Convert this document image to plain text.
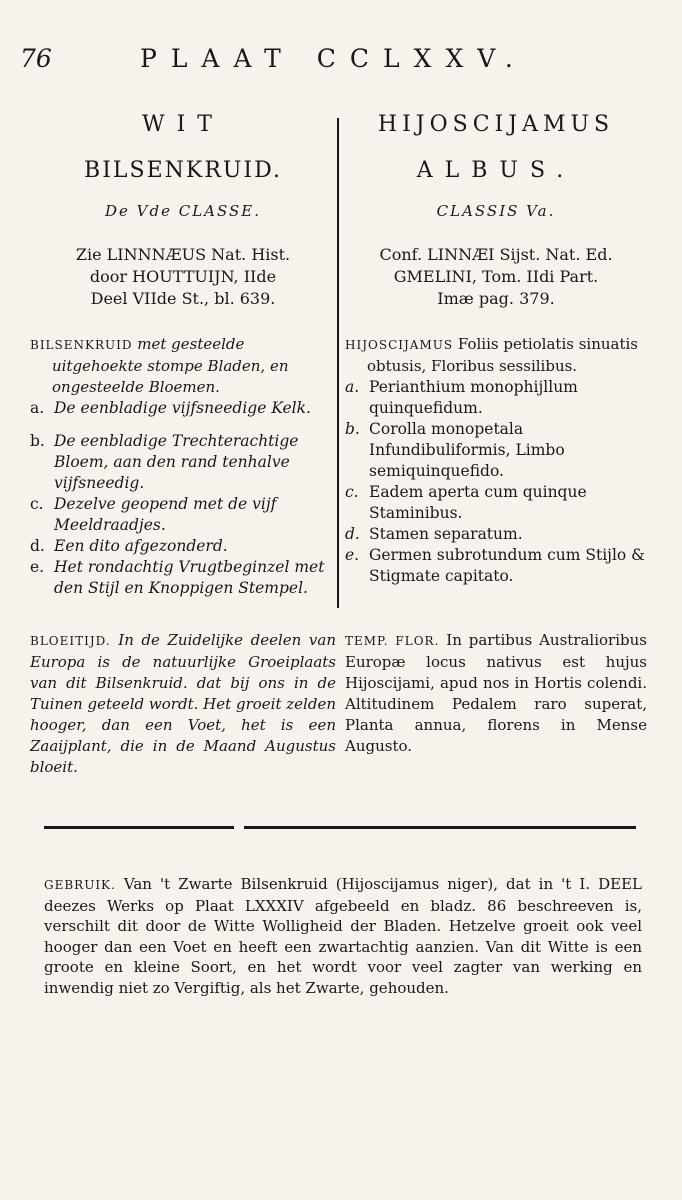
76	PLAAT CCLXXV.
WIT
BILSENKRUID.
De Vde CLASSE.
Zie LINNNÆUS Nat. Hist.
door HOUTTUIJN, IIde
Deel VIIde St., bl. 639.

BILSENKRUID met gesteelde uitgehoekte stompe Bladen, en ongesteelde Bloemen.

a. De eenbladige vijfsneedige Kelk.
b. De eenbladige Trechterachtige Bloem, aan den rand tenhalve vijfsneedig.
c. Dezelve geopend met de vijf Meeldraadjes.
d. Een dito afgezonderd.
e. Het rondachtig Vrugtbeginzel met den Stijl en Knoppigen Stempel.
BLOEITIJD. In de Zuidelijke deelen van Europa is de natuurlijke Groeiplaats van dit Bilsenkruid. dat bij ons in de Tuinen geteeld wordt. Het groeit zelden hooger, dan een Voet, het is een Zaaijplant, die in de Maand Augustus bloeit.
HIJOSCIJAMUS
ALBUS.
CLASSIS Va.
Conf. LINNÆI Sijst. Nat. Ed.
GMELINI, Tom. IIdi Part.
Imæ pag. 379.

HIJOSCIJAMUS Foliis petiolatis sinuatis obtusis, Floribus sessilibus.

a. Perianthium monophijllum quinquefidum.
b. Corolla monopetala Infundibuliformis, Limbo semiquinquefido.
c. Eadem aperta cum quinque Staminibus.
d. Stamen separatum.
e. Germen subrotundum cum Stijlo & Stigmate capitato.
TEMP. FLOR. In partibus Australioribus Europæ locus nativus est hujus Hijoscijami, apud nos in Hortis colendi. Altitudinem Pedalem raro superat, Planta annua, florens in Mense Augusto.
GEBRUIK. Van 't Zwarte Bilsenkruid (Hijoscijamus niger), dat in 't I. DEEL deezes Werks op Plaat LXXXIV afgebeeld en bladz. 86 beschreeven is, verschilt dit door de Witte Wolligheid der Bladen. Hetzelve groeit ook veel hooger dan een Voet en heeft een zwartachtig aanzien. Van dit Witte is een groote en kleine Soort, en het wordt voor veel zagter van werking en inwendig niet zo Vergiftig, als het Zwarte, gehouden.
